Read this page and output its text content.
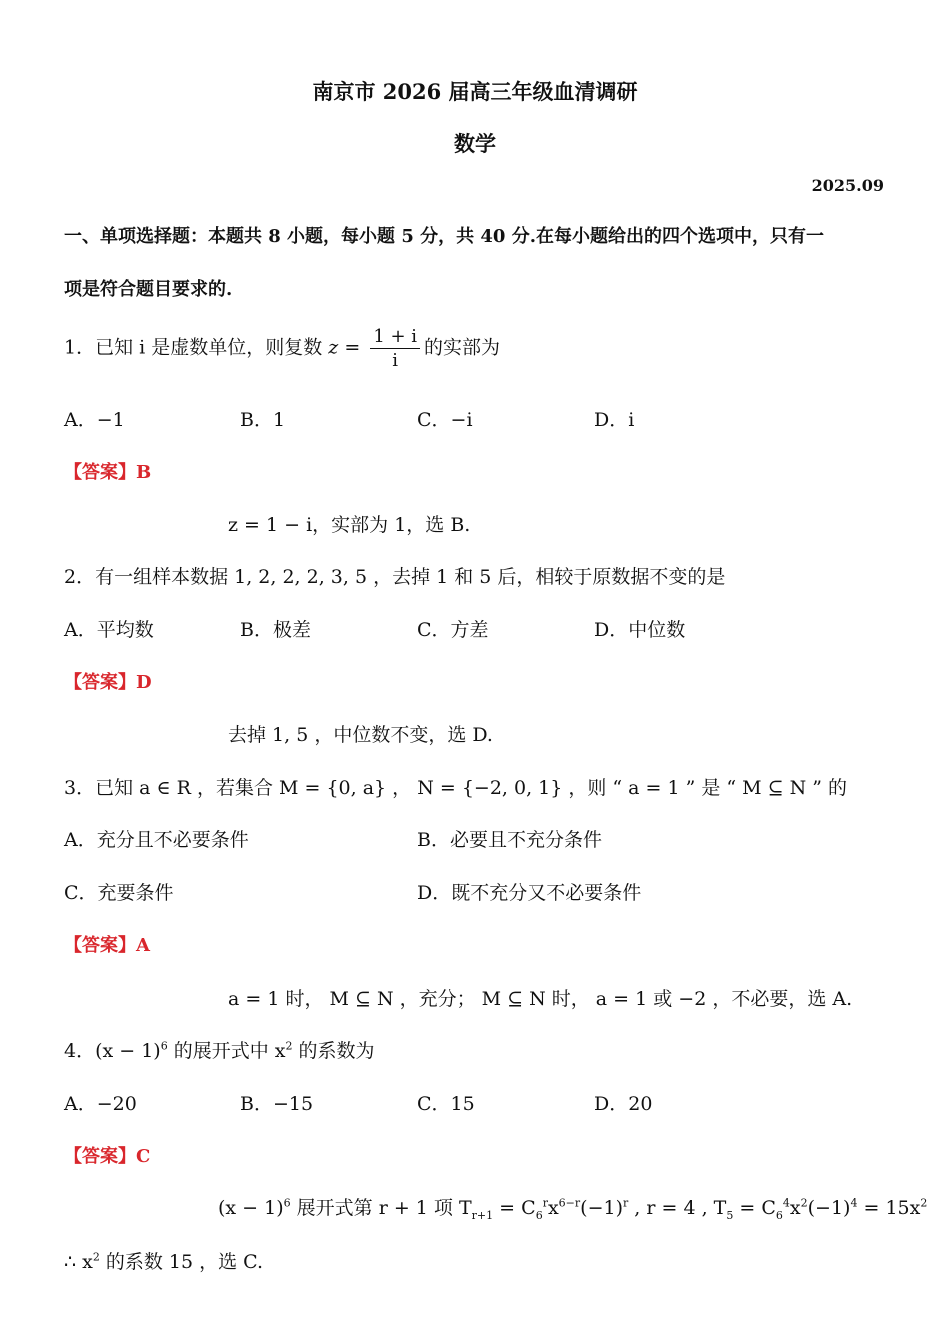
南京市 2026 届高三年级血清调研
数学
2025.09
一、单项选择题：本题共 8 小题，每小题 5 分，共 40 分.在每小题给出的四个选项中，只有一
项是符合题目要求的.
1．已知 i 是虚数单位，则复数 $z = \frac{1 + i}{i}$ 的实部为
A．−1	B．1	C．−i	D．i
【答案】B
z = 1 − i，实部为 1，选 B.
2．有一组样本数据 1, 2, 2, 2, 3, 5 ，去掉 1 和 5 后，相较于原数据不变的是
A．平均数	B．极差	C．方差	D．中位数
【答案】D
去掉 1, 5 ，中位数不变，选 D.
3．已知 a ∈ R ，若集合 M = {0, a} ， N = {−2, 0, 1} ，则 “ a = 1 ” 是 “ M ⊆ N ” 的
A．充分且不必要条件	B．必要且不充分条件
C．充要条件	D．既不充分又不必要条件
【答案】A
a = 1 时， M ⊆ N ，充分； M ⊆ N 时， a = 1 或 −2 ，不必要，选 A.
4．$(x - 1)^6$ 的展开式中 $x^2$ 的系数为
A．−20	B．−15	C．15	D．20
【答案】C
$(x - 1)^6$ 展开式第 r + 1 项 $T_{r+1} = C_6^rx^{6-r}(-1)^r$ , r = 4 , $T_5 = C_6^4x^2(-1)^4 = 15x^2$
∴ $x^2$ 的系数 15 ，选 C.
